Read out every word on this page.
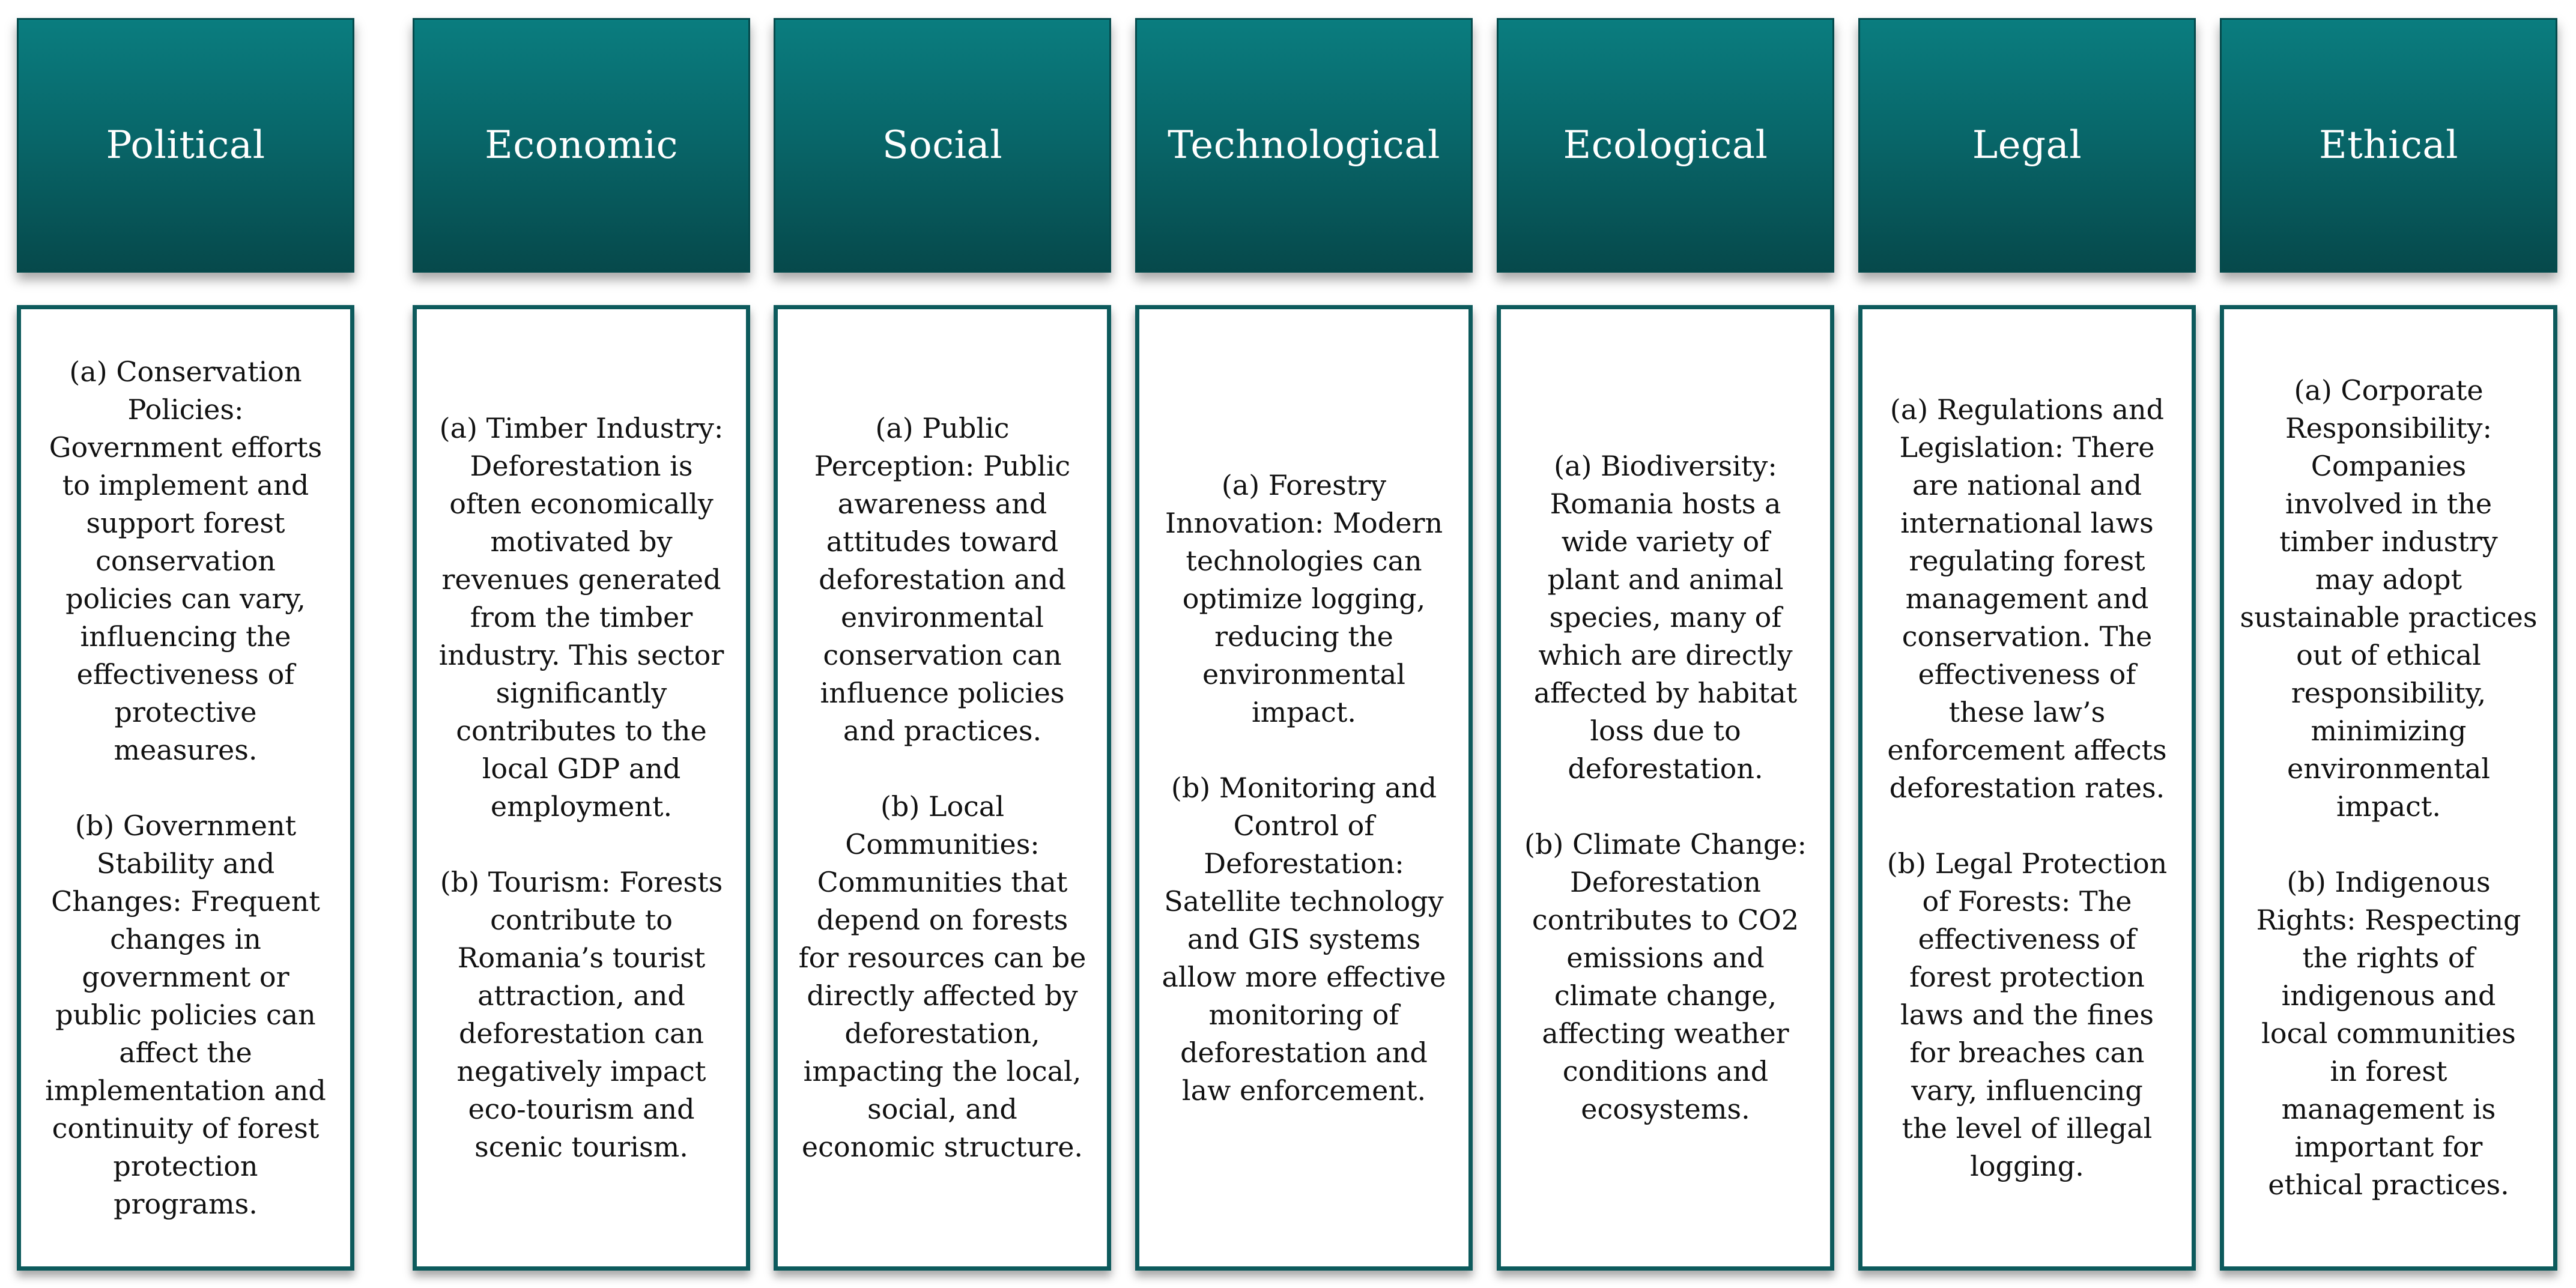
Political

(a) Conservation
Policies:
Government efforts
to implement and
support forest
conservation
policies can vary,
influencing the
effectiveness of
protective
measures.

(b) Government
Stability and
Changes: Frequent
changes in
government or
public policies can
affect the
implementation and
continuity of forest
protection
programs.

Economic

(a) Timber Industry:
Deforestation is
often economically
motivated by
revenues generated
from the timber
industry. This sector
significantly
contributes to the
local GDP and
employment.

(b) Tourism: Forests
contribute to
Romania’s tourist
attraction, and
deforestation can
negatively impact
eco-tourism and
scenic tourism.

Social

(a) Public
Perception: Public
awareness and
attitudes toward
deforestation and
environmental
conservation can
influence policies
and practices.

(b) Local
Communities:
Communities that
depend on forests
for resources can be
directly affected by
deforestation,
impacting the local,
social, and
economic structure.

Technological

(a) Forestry
Innovation: Modern
technologies can
optimize logging,
reducing the
environmental
impact.

(b) Monitoring and
Control of
Deforestation:
Satellite technology
and GIS systems
allow more effective
monitoring of
deforestation and
law enforcement.

Ecological

(a) Biodiversity:
Romania hosts a
wide variety of
plant and animal
species, many of
which are directly
affected by habitat
loss due to
deforestation.

(b) Climate Change:
Deforestation
contributes to CO2
emissions and
climate change,
affecting weather
conditions and
ecosystems.

Legal

(a) Regulations and
Legislation: There
are national and
international laws
regulating forest
management and
conservation. The
effectiveness of
these law’s
enforcement affects
deforestation rates.

(b) Legal Protection
of Forests: The
effectiveness of
forest protection
laws and the fines
for breaches can
vary, influencing
the level of illegal
logging.

Ethical

(a) Corporate
Responsibility:
Companies
involved in the
timber industry
may adopt
sustainable practices
out of ethical
responsibility,
minimizing
environmental
impact.

(b) Indigenous
Rights: Respecting
the rights of
indigenous and
local communities
in forest
management is
important for
ethical practices.
